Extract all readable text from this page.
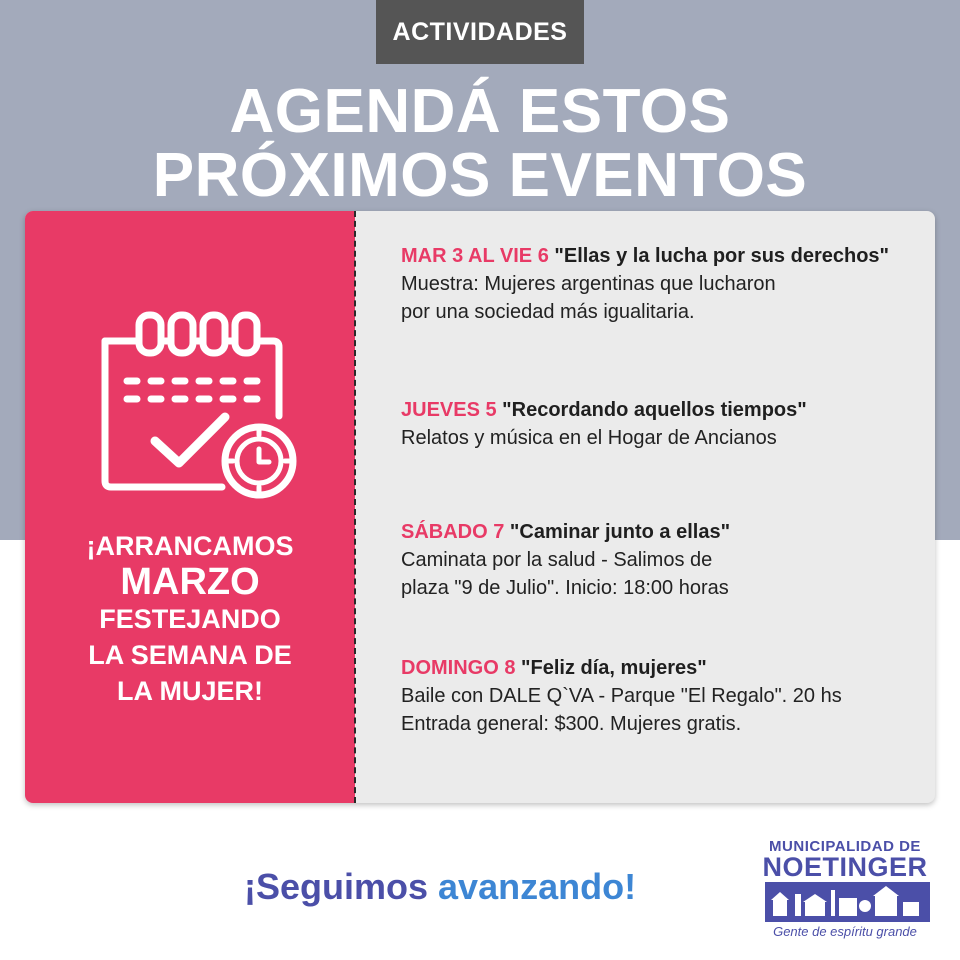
ACTIVIDADES
AGENDÁ ESTOS
PRÓXIMOS EVENTOS
¡ARRANCAMOS
MARZO
FESTEJANDO
LA SEMANA DE
LA MUJER!
MAR 3 AL VIE 6 "Ellas y la lucha por sus derechos"
Muestra: Mujeres argentinas que lucharon
por una sociedad más igualitaria.
JUEVES 5 "Recordando aquellos tiempos"
Relatos y música en el Hogar de Ancianos
SÁBADO 7 "Caminar junto a ellas"
Caminata por la salud - Salimos de
plaza "9 de Julio". Inicio: 18:00 horas
DOMINGO 8 "Feliz día, mujeres"
Baile con DALE Q`VA - Parque "El Regalo". 20 hs
Entrada general: $300. Mujeres gratis.
¡Seguimos avanzando!
MUNICIPALIDAD DE
NOETINGER
Gente de espíritu grande
